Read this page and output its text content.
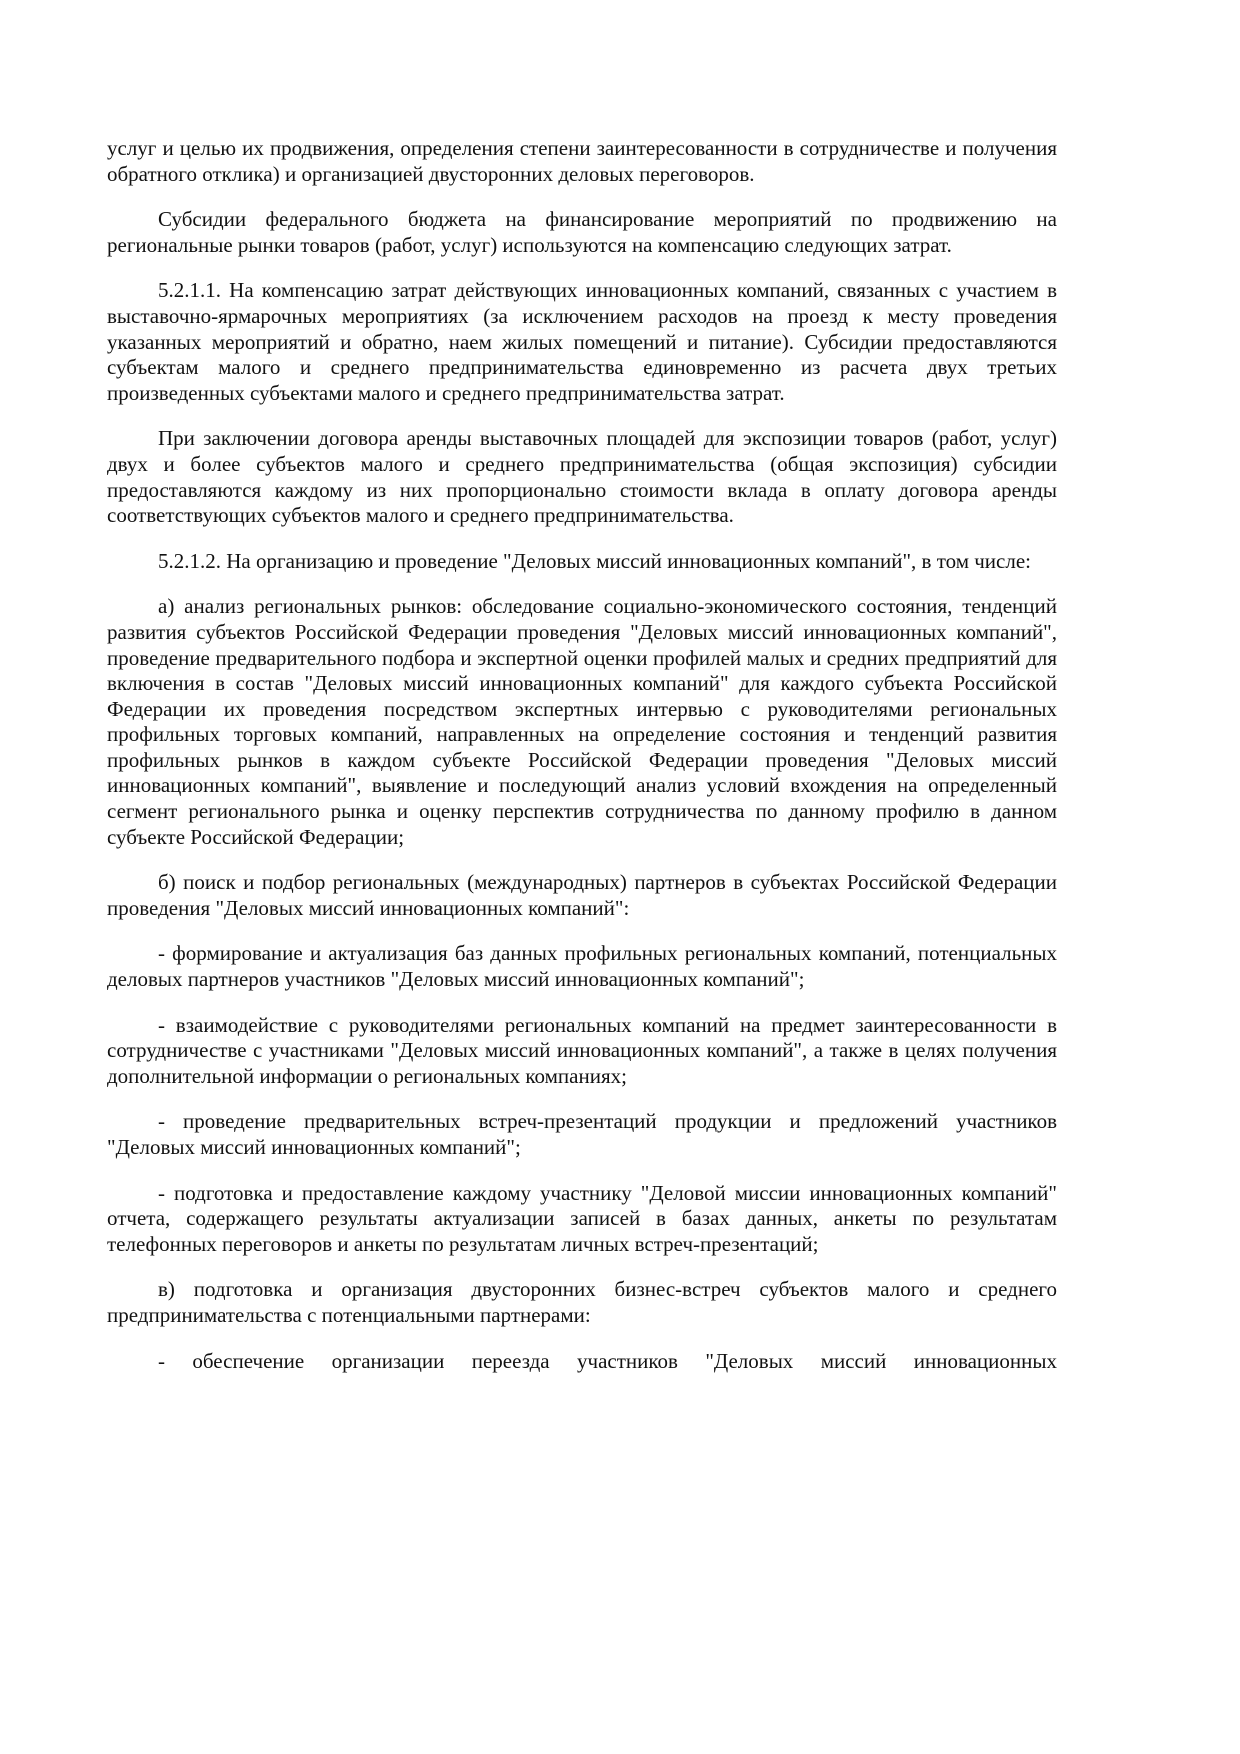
услуг и целью их продвижения, определения степени заинтересованности в сотрудничестве и получения обратного отклика) и организацией двусторонних деловых переговоров.

Субсидии федерального бюджета на финансирование мероприятий по продвижению на региональные рынки товаров (работ, услуг) используются на компенсацию следующих затрат.

5.2.1.1. На компенсацию затрат действующих инновационных компаний, связанных с участием в выставочно-ярмарочных мероприятиях (за исключением расходов на проезд к месту проведения указанных мероприятий и обратно, наем жилых помещений и питание). Субсидии предоставляются субъектам малого и среднего предпринимательства единовременно из расчета двух третьих произведенных субъектами малого и среднего предпринимательства затрат.

При заключении договора аренды выставочных площадей для экспозиции товаров (работ, услуг) двух и более субъектов малого и среднего предпринимательства (общая экспозиция) субсидии предоставляются каждому из них пропорционально стоимости вклада в оплату договора аренды соответствующих субъектов малого и среднего предпринимательства.

5.2.1.2. На организацию и проведение "Деловых миссий инновационных компаний", в том числе:

а) анализ региональных рынков: обследование социально-экономического состояния, тенденций развития субъектов Российской Федерации проведения "Деловых миссий инновационных компаний", проведение предварительного подбора и экспертной оценки профилей малых и средних предприятий для включения в состав "Деловых миссий инновационных компаний" для каждого субъекта Российской Федерации их проведения посредством экспертных интервью с руководителями региональных профильных торговых компаний, направленных на определение состояния и тенденций развития профильных рынков в каждом субъекте Российской Федерации проведения "Деловых миссий инновационных компаний", выявление и последующий анализ условий вхождения на определенный сегмент регионального рынка и оценку перспектив сотрудничества по данному профилю в данном субъекте Российской Федерации;

б) поиск и подбор региональных (международных) партнеров в субъектах Российской Федерации проведения "Деловых миссий инновационных компаний":

- формирование и актуализация баз данных профильных региональных компаний, потенциальных деловых партнеров участников "Деловых миссий инновационных компаний";

- взаимодействие с руководителями региональных компаний на предмет заинтересованности в сотрудничестве с участниками "Деловых миссий инновационных компаний", а также в целях получения дополнительной информации о региональных компаниях;

- проведение предварительных встреч-презентаций продукции и предложений участников "Деловых миссий инновационных компаний";

- подготовка и предоставление каждому участнику "Деловой миссии инновационных компаний" отчета, содержащего результаты актуализации записей в базах данных, анкеты по результатам телефонных переговоров и анкеты по результатам личных встреч-презентаций;

в) подготовка и организация двусторонних бизнес-встреч субъектов малого и среднего предпринимательства с потенциальными партнерами:

- обеспечение организации переезда участников "Деловых миссий инновационных
